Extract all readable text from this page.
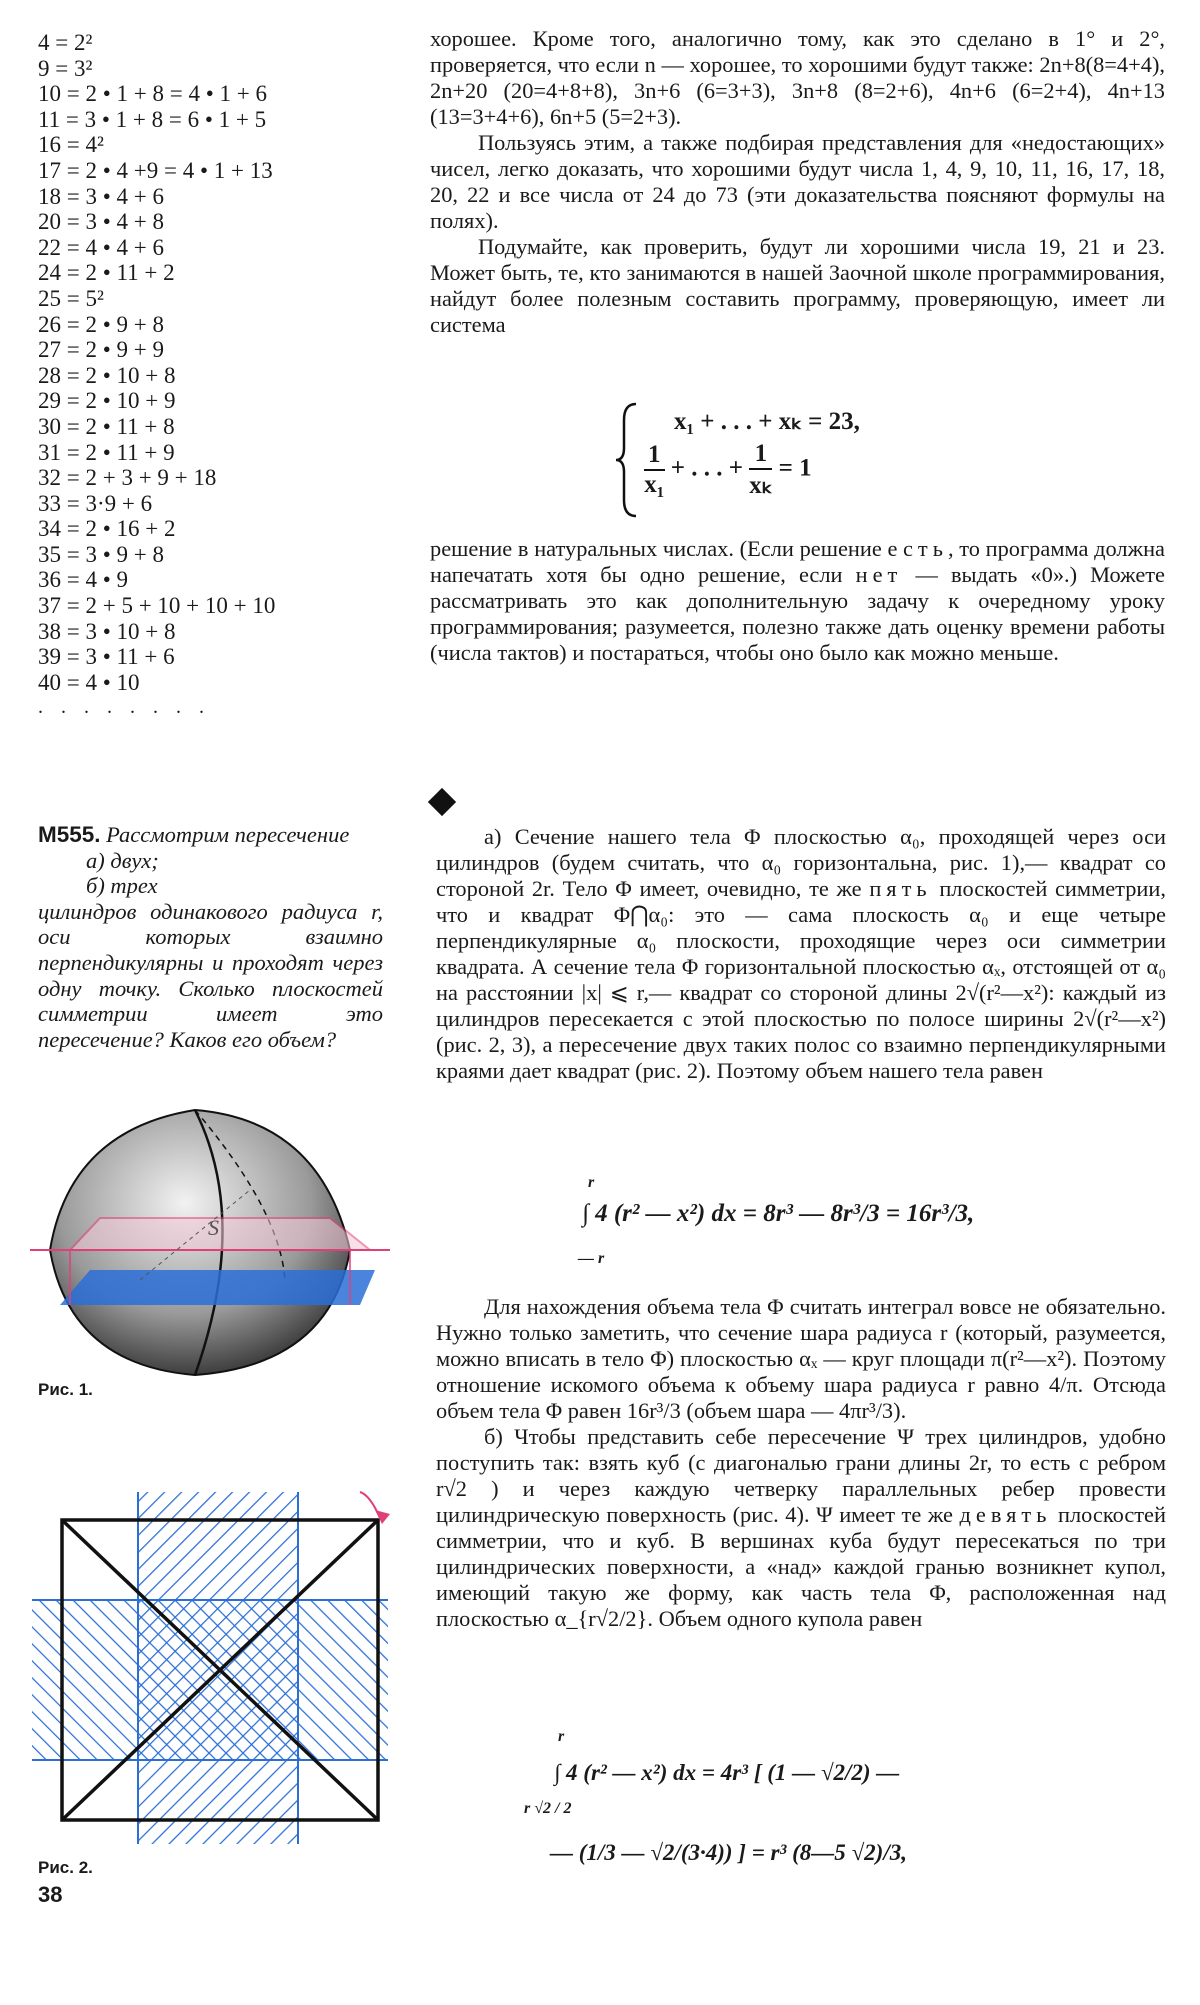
4 = 2²
9 = 3²
10 = 2 • 1 + 8 = 4 • 1 + 6
11 = 3 • 1 + 8 = 6 • 1 + 5
16 = 4²
17 = 2 • 4 +9 = 4 • 1 + 13
18 = 3 • 4 + 6
20 = 3 • 4 + 8
22 = 4 • 4 + 6
24 = 2 • 11 + 2
25 = 5²
26 = 2 • 9 + 8
27 = 2 • 9 + 9
28 = 2 • 10 + 8
29 = 2 • 10 + 9
30 = 2 • 11 + 8
31 = 2 • 11 + 9
32 = 2 + 3 + 9 + 18
33 = 3·9 + 6
34 = 2 • 16 + 2
35 = 3 • 9 + 8
36 = 4 • 9
37 = 2 + 5 + 10 + 10 + 10
38 = 3 • 10 + 8
39 = 3 • 11 + 6
40 = 4 • 10
........

хорошее. Кроме того, аналогично тому, как это сделано в 1° и 2°, проверяется, что если n — хорошее, то хорошими будут также: 2n+8(8=4+4), 2n+20 (20=4+8+8), 3n+6 (6=3+3), 3n+8 (8=2+6), 4n+6 (6=2+4), 4n+13 (13=3+4+6), 6n+5 (5=2+3).

Пользуясь этим, а также подбирая представления для «недостающих» чисел, легко доказать, что хорошими будут числа 1, 4, 9, 10, 11, 16, 17, 18, 20, 22 и все числа от 24 до 73 (эти доказательства поясняют формулы на полях).

Подумайте, как проверить, будут ли хорошими числа 19, 21 и 23. Может быть, те, кто занимаются в нашей Заочной школе программирования, найдут более полезным составить программу, проверяющую, имеет ли система

x₁ + . . . + xₖ = 23,
$\frac{1}{\text{x₁}}$ + . . . + $\frac{1}{\text{xₖ}} = 1$

решение в натуральных числах. (Если решение есть, то программа должна напечатать хотя бы одно решение, если нет — выдать «0».) Можете рассматривать это как дополнительную задачу к очередному уроку программирования; разумеется, полезно также дать оценку времени работы (числа тактов) и постараться, чтобы оно было как можно меньше.

М555. Рассмотрим пересечение
а) двух;
б) трех
цилиндров одинакового радиуса r, оси которых взаимно перпендикулярны и проходят через одну точку. Сколько плоскостей симметрии имеет это пересечение? Каков его объем?

а) Сечение нашего тела Φ плоскостью α₀, проходящей через оси цилиндров (будем считать, что α₀ горизонтальна, рис. 1),— квадрат со стороной 2r. Тело Φ имеет, очевидно, те же пять плоскостей симметрии, что и квадрат Φ⋂α₀: это — сама плоскость α₀ и еще четыре перпендикулярные α₀ плоскости, проходящие через оси симметрии квадрата. А сечение тела Φ горизонтальной плоскостью αₓ, отстоящей от α₀ на расстоянии |x| ⩽ r,— квадрат со стороной длины 2√(r²—x²): каждый из цилиндров пересекается с этой плоскостью по полосе ширины 2√(r²—x²) (рис. 2, 3), а пересечение двух таких полос со взаимно перпендикулярными краями дает квадрат (рис. 2). Поэтому объем нашего тела равен

r
— r
∫ 4 (r² — x²) dx = 8r³ — 8r³/3 = 16r³/3,

Для нахождения объема тела Φ считать интеграл вовсе не обязательно. Нужно только заметить, что сечение шара радиуса r (который, разумеется, можно вписать в тело Φ) плоскостью αₓ — круг площади π(r²—x²). Поэтому отношение искомого объема к объему шара радиуса r равно 4/π. Отсюда объем тела Φ равен 16r³/3 (объем шара — 4πr³/3).

б) Чтобы представить себе пересечение Ψ трех цилиндров, удобно поступить так: взять куб (с диагональю грани длины 2r, то есть с ребром r√2 ) и через каждую четверку параллельных ребер провести цилиндрическую поверхность (рис. 4). Ψ имеет те же девять плоскостей симметрии, что и куб. В вершинах куба будут пересекаться по три цилиндрических поверхности, а «над» каждой гранью возникнет купол, имеющий такую же форму, как часть тела Φ, расположенная над плоскостью α_{r√2/2}. Объем одного купола равен

r
r √2 / 2
∫ 4 (r² — x²) dx = 4r³ [ (1 — √2/2) —
— (1/3 — √2/(3·4)) ] = r³ (8—5 √2)/3,
S
Рис. 1.
Рис. 2.
38
